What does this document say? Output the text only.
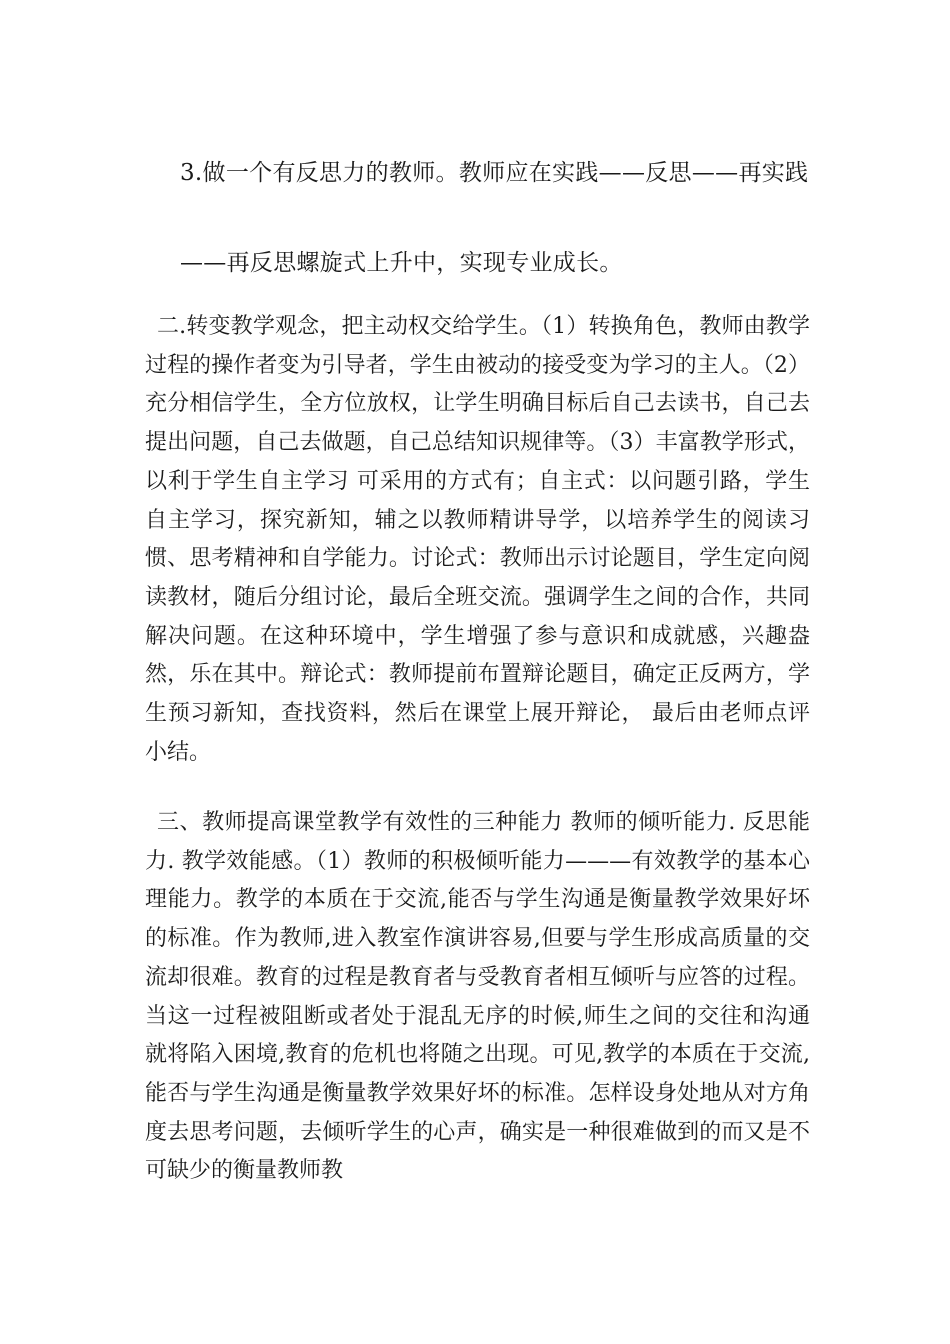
3.做一个有反思力的教师。教师应在实践——反思——再实践——再反思螺旋式上升中，实现专业成长。

二.转变教学观念，把主动权交给学生。（1）转换角色，教师由教学过程的操作者变为引导者，学生由被动的接受变为学习的主人。（2）充分相信学生，全方位放权，让学生明确目标后自己去读书，自己去提出问题，自己去做题，自己总结知识规律等。（3）丰富教学形式，以利于学生自主学习 可采用的方式有；自主式：以问题引路，学生自主学习，探究新知，辅之以教师精讲导学，以培养学生的阅读习惯、思考精神和自学能力。讨论式：教师出示讨论题目，学生定向阅读教材，随后分组讨论，最后全班交流。强调学生之间的合作，共同解决问题。在这种环境中，学生增强了参与意识和成就感，兴趣盎然，乐在其中。辩论式：教师提前布置辩论题目，确定正反两方，学生预习新知，查找资料，然后在课堂上展开辩论， 最后由老师点评小结。

三、教师提高课堂教学有效性的三种能力 教师的倾听能力. 反思能力. 教学效能感。（1）教师的积极倾听能力———有效教学的基本心理能力。教学的本质在于交流,能否与学生沟通是衡量教学效果好坏的标准。作为教师,进入教室作演讲容易,但要与学生形成高质量的交流却很难。教育的过程是教育者与受教育者相互倾听与应答的过程。当这一过程被阻断或者处于混乱无序的时候,师生之间的交往和沟通就将陷入困境,教育的危机也将随之出现。可见,教学的本质在于交流,能否与学生沟通是衡量教学效果好坏的标准。怎样设身处地从对方角度去思考问题，去倾听学生的心声，确实是一种很难做到的而又是不可缺少的衡量教师教
